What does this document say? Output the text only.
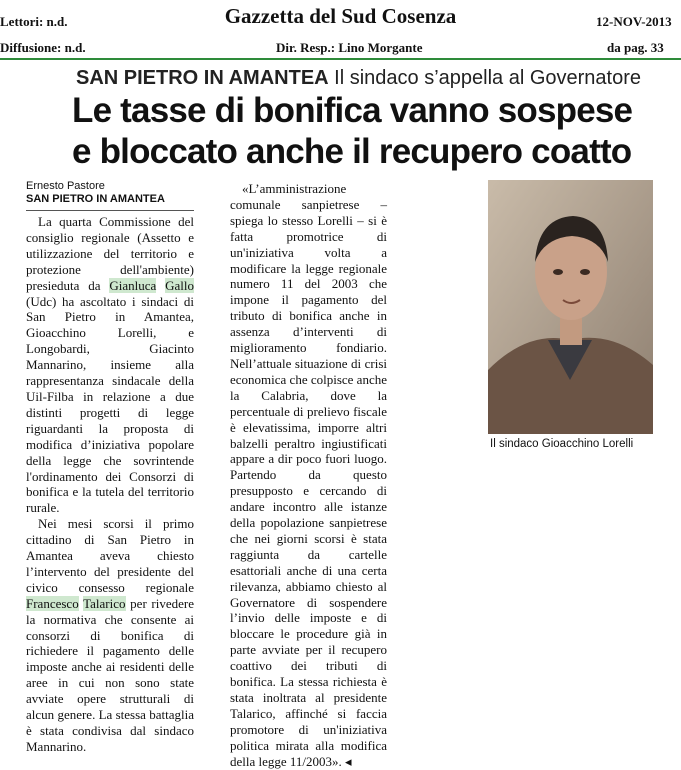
Lettori: n.d.	Gazzetta del Sud Cosenza	12-NOV-2013
Diffusione: n.d.	Dir. Resp.: Lino Morgante	da pag. 33
SAN PIETRO IN AMANTEA Il sindaco s’appella al Governatore
Le tasse di bonifica vanno sospese
e bloccato anche il recupero coatto
Ernesto Pastore
SAN PIETRO IN AMANTEA

La quarta Commissione del consiglio regionale (Assetto e utilizzazione del territorio e protezione dell'ambiente) presieduta da Gianluca Gallo (Udc) ha ascoltato i sindaci di San Pietro in Amantea, Gioacchino Lorelli, e Longobardi, Giacinto Mannarino, insieme alla rappresentanza sindacale della Uil-Filba in relazione a due distinti progetti di legge riguardanti la proposta di modifica d’iniziativa popolare della legge che sovrintende l'ordinamento dei Consorzi di bonifica e la tutela del territorio rurale.

Nei mesi scorsi il primo cittadino di San Pietro in Amantea aveva chiesto l’intervento del presidente del civico consesso regionale Francesco Talarico per rivedere la normativa che consente ai consorzi di bonifica di richiedere il pagamento delle imposte anche ai residenti delle aree in cui non sono state avviate opere strutturali di alcun genere. La stessa battaglia è stata condivisa dal sindaco Mannarino.

«L’amministrazione comunale sanpietrese – spiega lo stesso Lorelli – si è fatta promotrice di un'iniziativa volta a modificare la legge regionale numero 11 del 2003 che impone il pagamento del tributo di bonifica anche in assenza d’interventi di miglioramento fondiario. Nell’attuale situazione di crisi economica che colpisce anche la Calabria, dove la percentuale di prelievo fiscale è elevatissima, imporre altri balzelli peraltro ingiustificati appare a dir poco fuori luogo. Partendo da questo presupposto e cercando di andare incontro alle istanze della popolazione sanpietrese che nei giorni scorsi è stata raggiunta da cartelle esattoriali anche di una certa rilevanza, abbiamo chiesto al Governatore di sospendere l’invio delle imposte e di bloccare le procedure già in parte avviate per il recupero coattivo dei tributi di bonifica. La stessa richiesta è stata inoltrata al presidente Talarico, affinché si faccia promotore di un'iniziativa politica mirata alla modifica della legge 11/2003». ◂

Il sindaco Gioacchino Lorelli
